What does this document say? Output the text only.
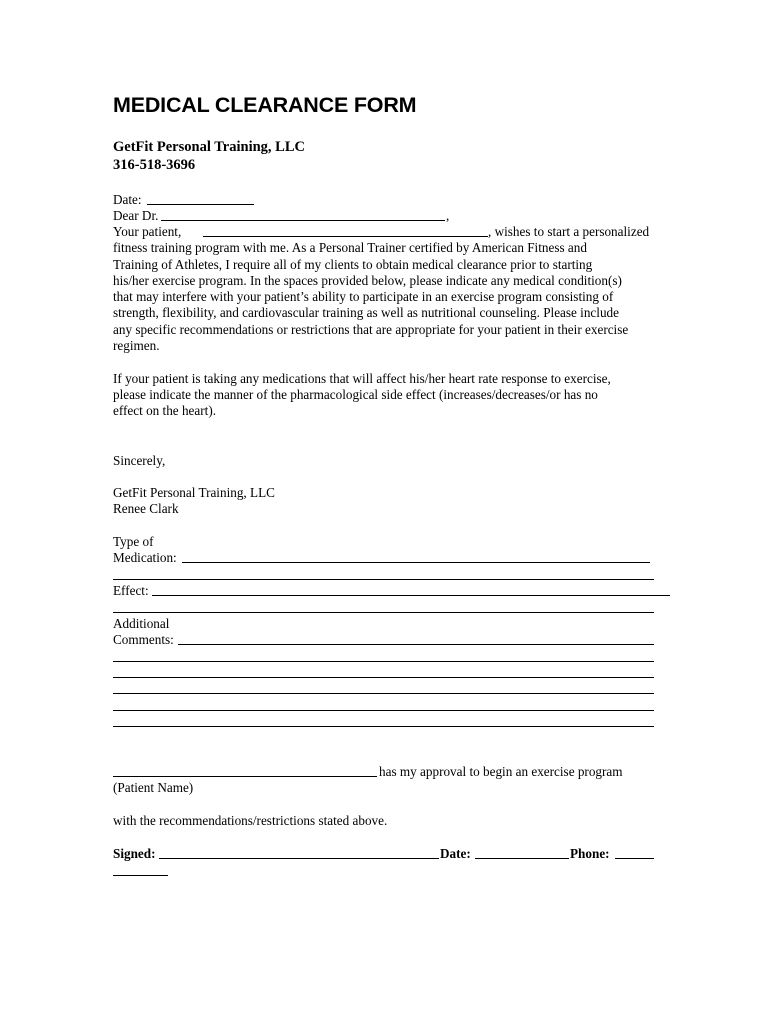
MEDICAL CLEARANCE FORM
GetFit Personal Training, LLC
316-518-3696
Date:
Dear Dr.	,
Your patient,	, wishes to start a personalized
fitness training program with me. As a Personal Trainer certified by American Fitness and
Training of Athletes, I require all of my clients to obtain medical clearance prior to starting
his/her exercise program. In the spaces provided below, please indicate any medical condition(s)
that may interfere with your patient’s ability to participate in an exercise program consisting of
strength, flexibility, and cardiovascular training as well as nutritional counseling. Please include
any specific recommendations or restrictions that are appropriate for your patient in their exercise
regimen.
If your patient is taking any medications that will affect his/her heart rate response to exercise,
please indicate the manner of the pharmacological side effect (increases/decreases/or has no
effect on the heart).
Sincerely,
GetFit Personal Training, LLC
Renee Clark
Type of
Medication:
Effect:
Additional
Comments:
has my approval to begin an exercise program
(Patient Name)
with the recommendations/restrictions stated above.
Signed:	Date:	Phone:
